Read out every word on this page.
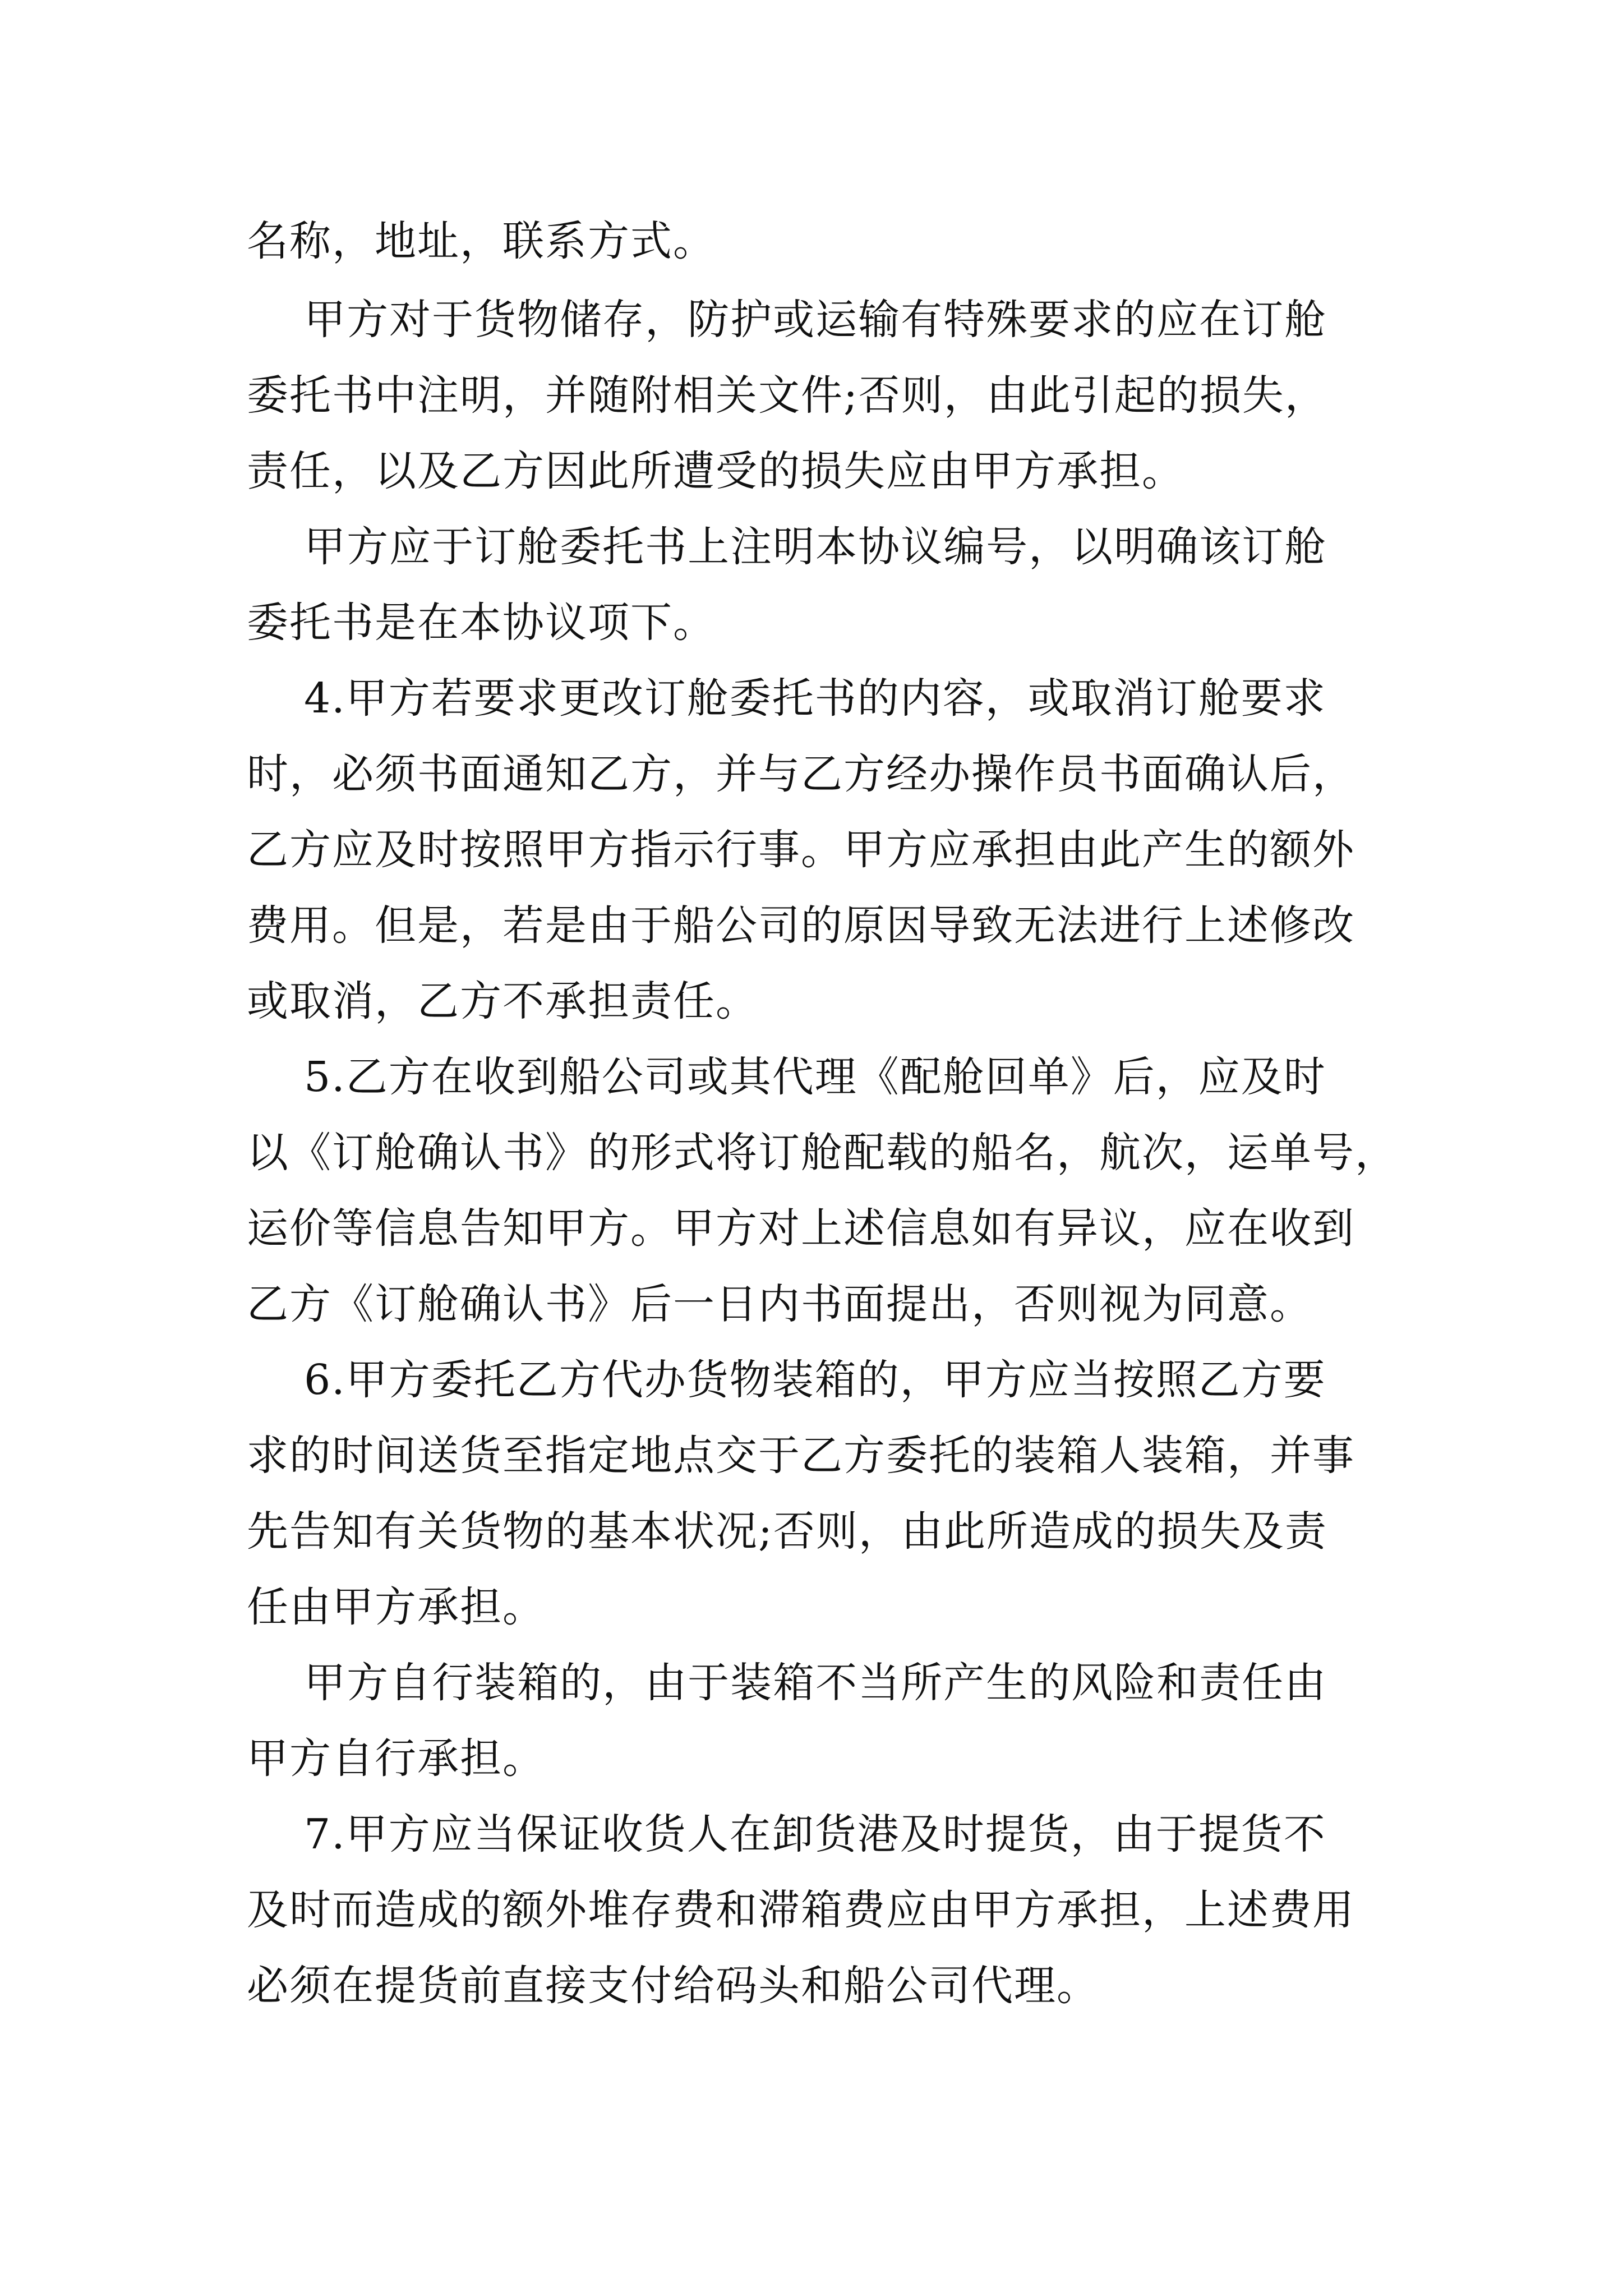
名称，地址，联系方式。
甲方对于货物储存，防护或运输有特殊要求的应在订舱
委托书中注明，并随附相关文件;否则，由此引起的损失，
责任，以及乙方因此所遭受的损失应由甲方承担。
甲方应于订舱委托书上注明本协议编号，以明确该订舱
委托书是在本协议项下。
4.甲方若要求更改订舱委托书的内容，或取消订舱要求
时，必须书面通知乙方，并与乙方经办操作员书面确认后，
乙方应及时按照甲方指示行事。甲方应承担由此产生的额外
费用。但是，若是由于船公司的原因导致无法进行上述修改
或取消，乙方不承担责任。
5.乙方在收到船公司或其代理《配舱回单》后，应及时
以《订舱确认书》的形式将订舱配载的船名，航次，运单号，
运价等信息告知甲方。甲方对上述信息如有异议，应在收到
乙方《订舱确认书》后一日内书面提出，否则视为同意。
6.甲方委托乙方代办货物装箱的，甲方应当按照乙方要
求的时间送货至指定地点交于乙方委托的装箱人装箱，并事
先告知有关货物的基本状况;否则，由此所造成的损失及责
任由甲方承担。
甲方自行装箱的，由于装箱不当所产生的风险和责任由
甲方自行承担。
7.甲方应当保证收货人在卸货港及时提货，由于提货不
及时而造成的额外堆存费和滞箱费应由甲方承担，上述费用
必须在提货前直接支付给码头和船公司代理。
